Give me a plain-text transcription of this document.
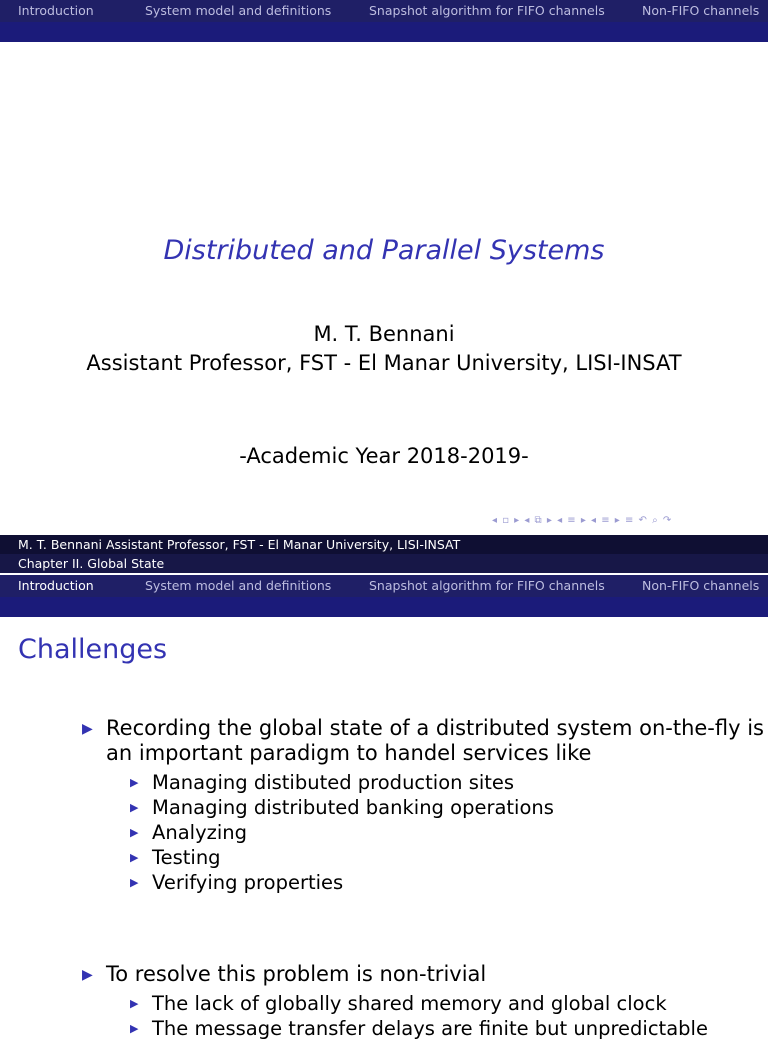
Introduction	System model and definitions	Snapshot algorithm for FIFO channels	Non-FIFO channels
Distributed and Parallel Systems
M. T. Bennani
Assistant Professor, FST - El Manar University, LISI-INSAT
-Academic Year 2018-2019-
◂ ▫ ▸ ◂ ⧉ ▸ ◂ ≡ ▸ ◂ ≡ ▸ ≡ ↶ ⌕ ↷
M. T. Bennani Assistant Professor, FST - El Manar University, LISI-INSAT
Chapter II. Global State
Introduction	System model and definitions	Snapshot algorithm for FIFO channels	Non-FIFO channels
Challenges
▶ Recording the global state of a distributed system on-the-fly is
an important paradigm to handel services like
▶ Managing distibuted production sites
▶ Managing distributed banking operations
▶ Analyzing
▶ Testing
▶ Verifying properties
▶ To resolve this problem is non-trivial
▶ The lack of globally shared memory and global clock
▶ The message transfer delays are finite but unpredictable
